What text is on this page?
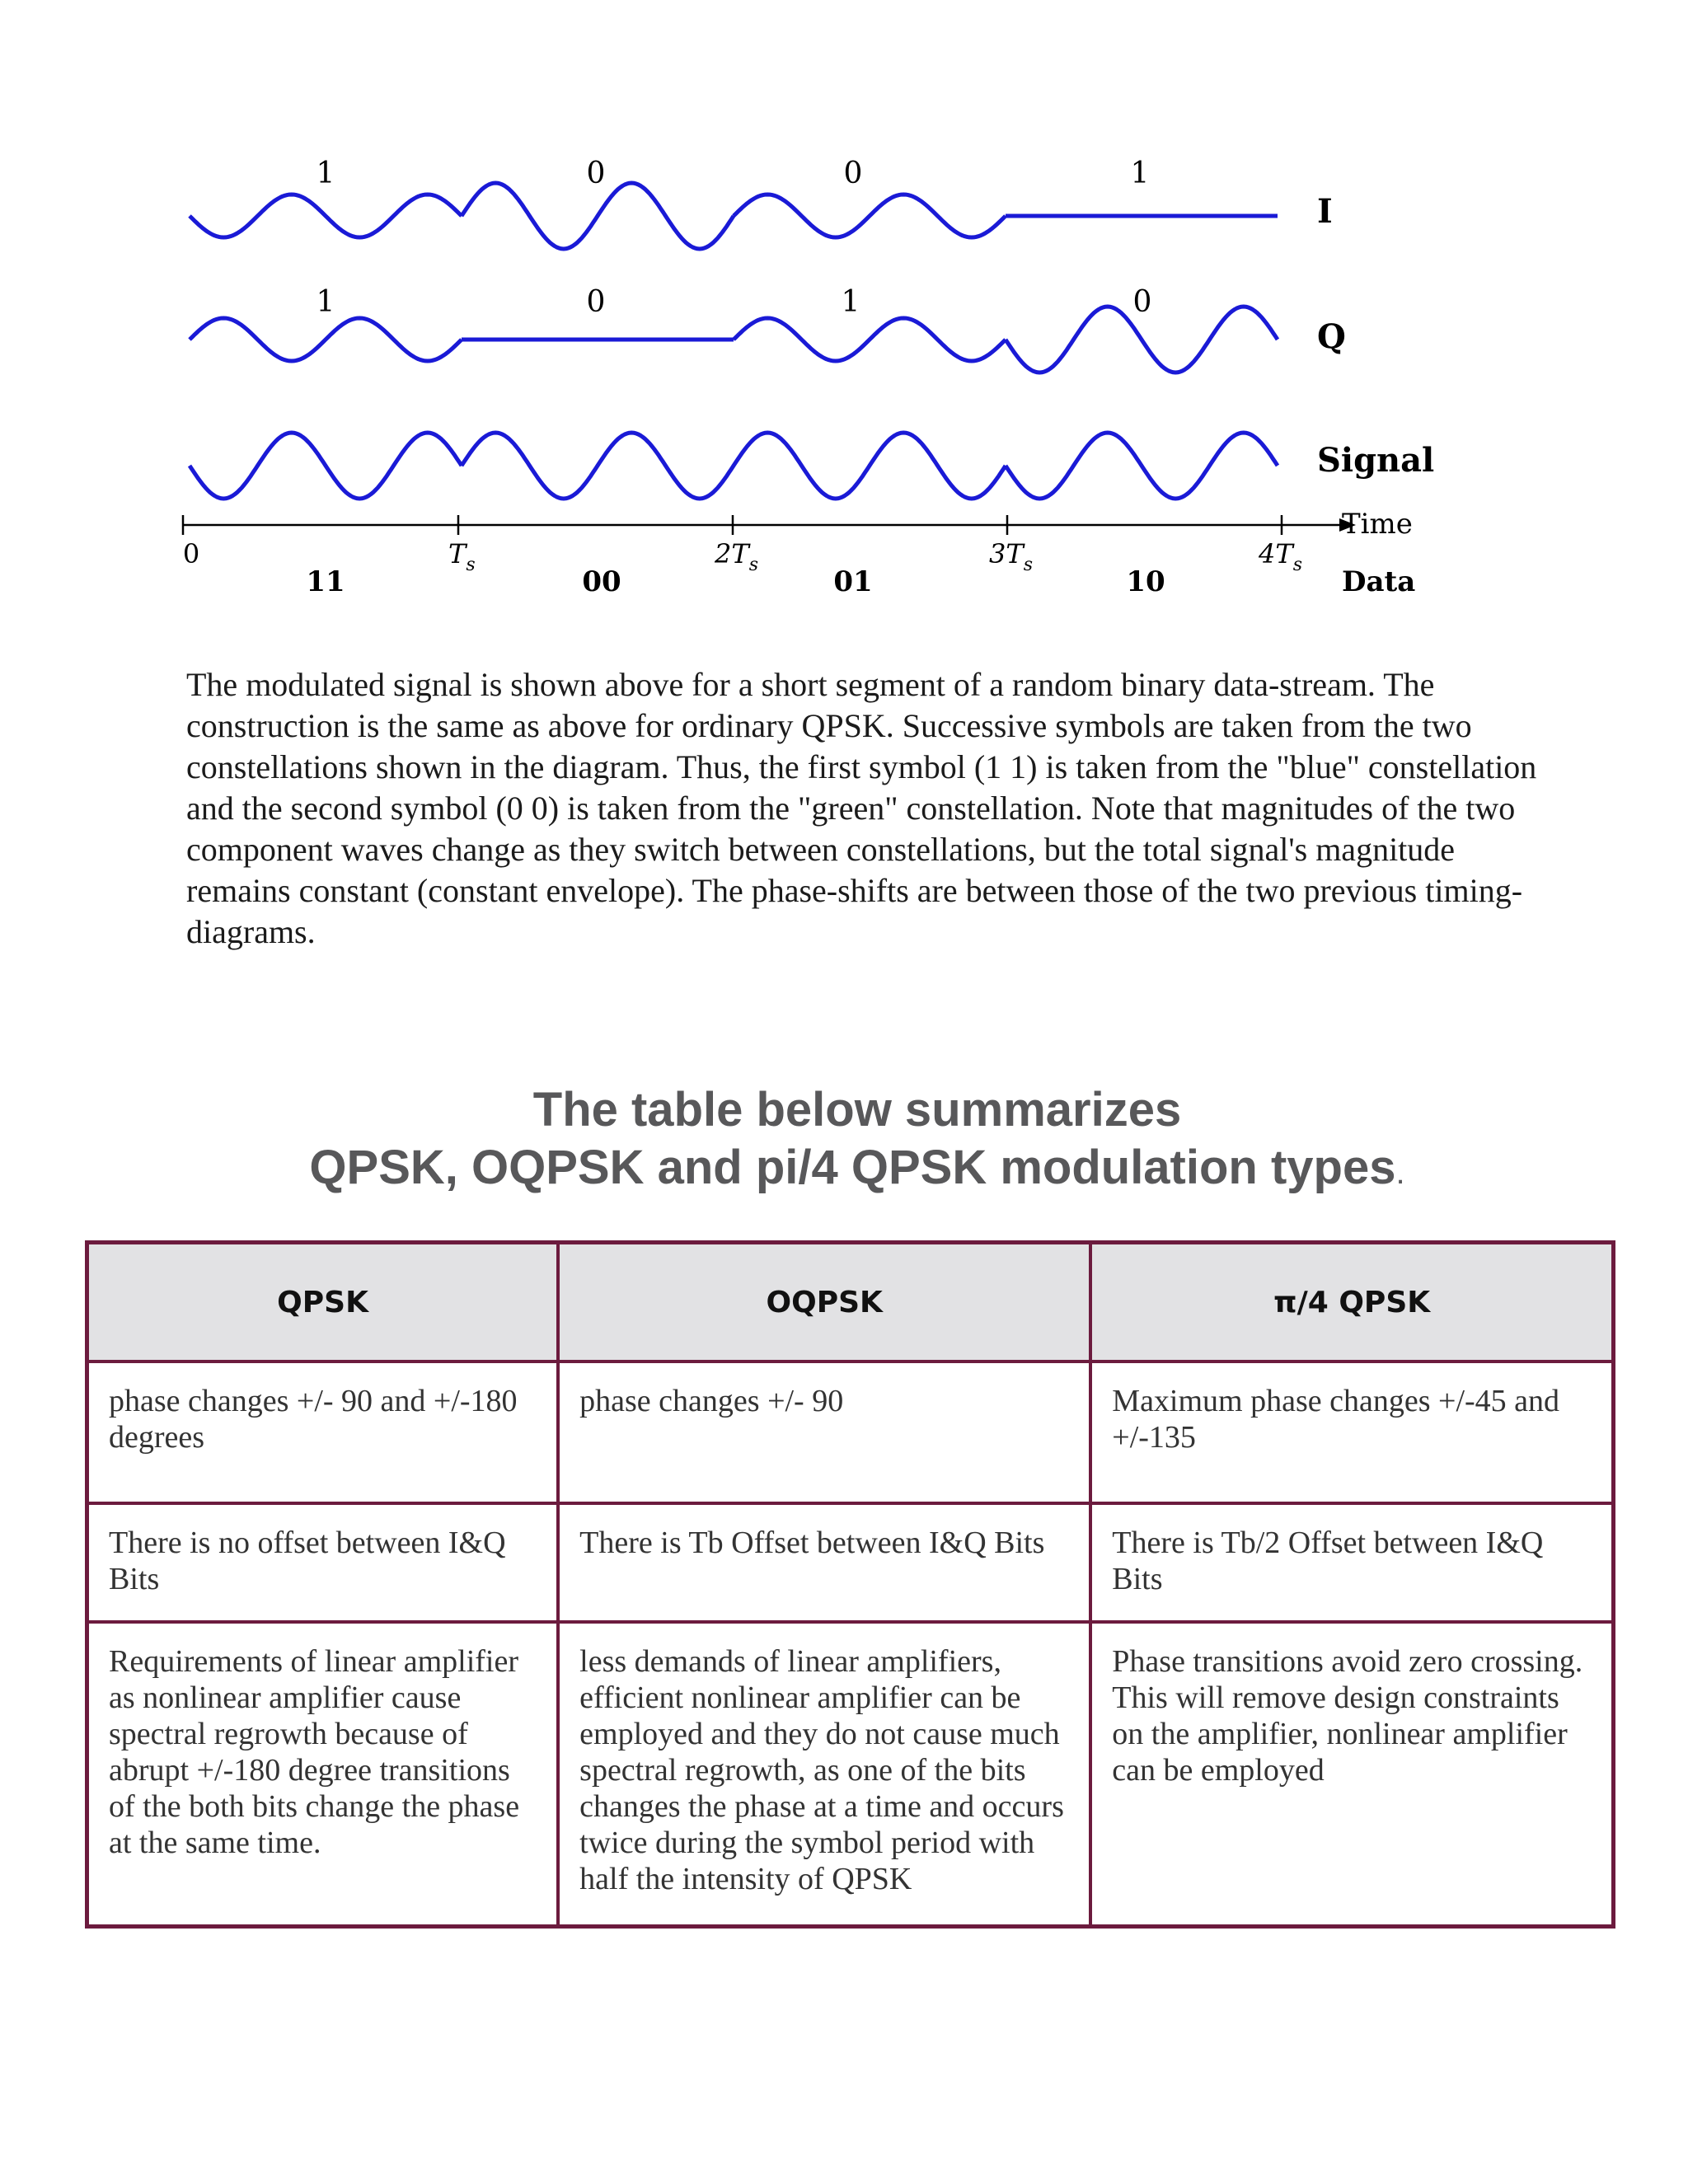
1	0	0	1
I
1	0	1	0
Q
Signal
Time
0	$T_s$	$2T_s$	$3T_s$	$4T_s$
11	00	01	10	Data

The modulated signal is shown above for a short segment of a random binary data-stream. The construction is the same as above for ordinary QPSK. Successive symbols are taken from the two constellations shown in the diagram. Thus, the first symbol (1 1) is taken from the "blue" constellation and the second symbol (0 0) is taken from the "green" constellation. Note that magnitudes of the two component waves change as they switch between constellations, but the total signal's magnitude remains constant (constant envelope). The phase-shifts are between those of the two previous timing-diagrams.

The table below summarizes
QPSK, OQPSK and pi/4 QPSK modulation types.
QPSK	OQPSK	π/4 QPSK
phase changes +/- 90 and +/-180 degrees	phase changes +/- 90	Maximum phase changes +/-45 and +/-135
There is no offset between I&Q Bits	There is Tb Offset between I&Q Bits	There is Tb/2 Offset between I&Q Bits
Requirements of linear amplifier as nonlinear amplifier cause spectral regrowth because of abrupt +/-180 degree transitions of the both bits change the phase at the same time.	less demands of linear amplifiers, efficient nonlinear amplifier can be employed and they do not cause much spectral regrowth, as one of the bits changes the phase at a time and occurs twice during the symbol period with half the intensity of QPSK	Phase transitions avoid zero crossing. This will remove design constraints on the amplifier, nonlinear amplifier can be employed
